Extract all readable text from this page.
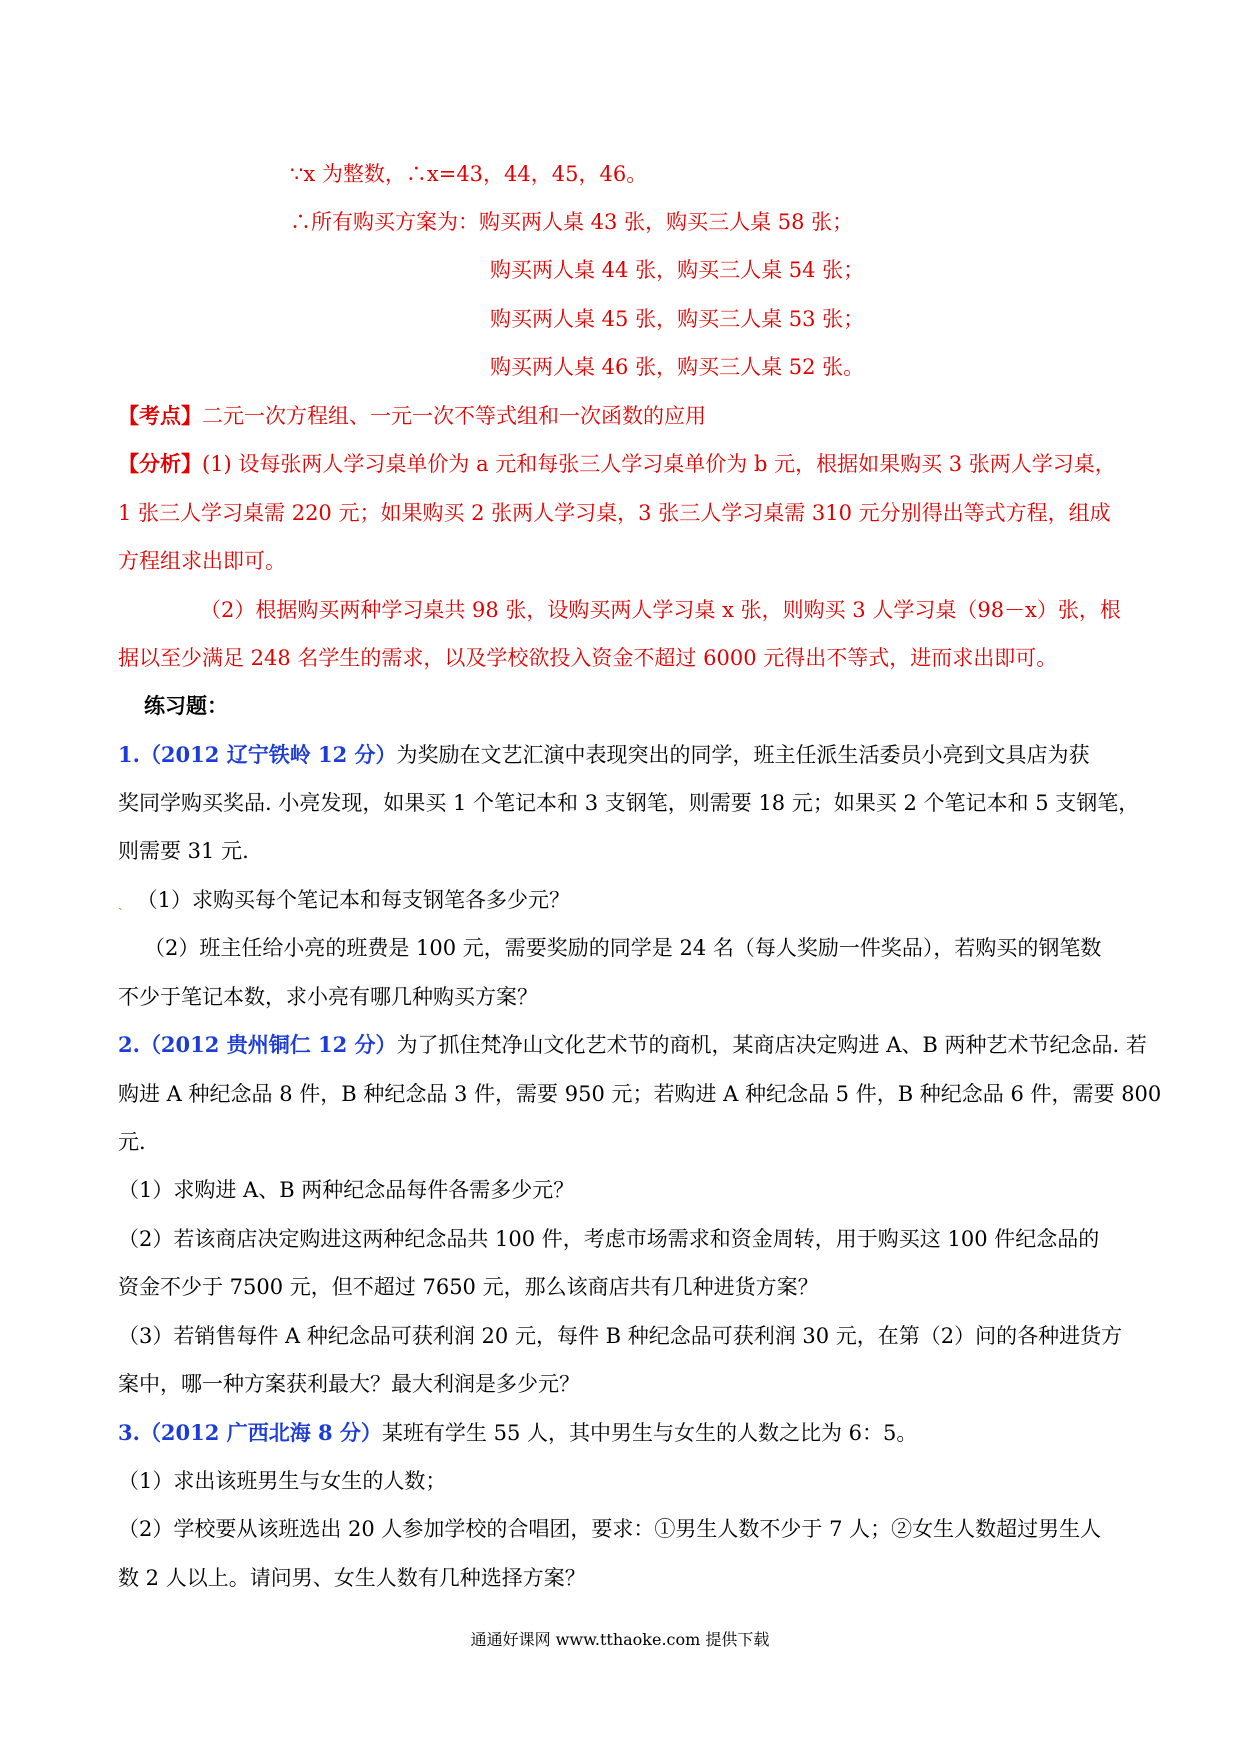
∵x 为整数，∴x=43，44，45，46。
∴所有购买方案为：购买两人桌 43 张，购买三人桌 58 张；
购买两人桌 44 张，购买三人桌 54 张；
购买两人桌 45 张，购买三人桌 53 张；
购买两人桌 46 张，购买三人桌 52 张。
【考点】二元一次方程组、一元一次不等式组和一次函数的应用
【分析】(1) 设每张两人学习桌单价为 a 元和每张三人学习桌单价为 b 元，根据如果购买 3 张两人学习桌，
1 张三人学习桌需 220 元；如果购买 2 张两人学习桌，3 张三人学习桌需 310 元分别得出等式方程，组成
方程组求出即可。
（2）根据购买两种学习桌共 98 张，设购买两人学习桌 x 张，则购买 3 人学习桌（98－x）张，根
据以至少满足 248 名学生的需求，以及学校欲投入资金不超过 6000 元得出不等式，进而求出即可。
练习题：
1.（2012 辽宁铁岭 12 分）为奖励在文艺汇演中表现突出的同学，班主任派生活委员小亮到文具店为获
奖同学购买奖品. 小亮发现，如果买 1 个笔记本和 3 支钢笔，则需要 18 元；如果买 2 个笔记本和 5 支钢笔，
则需要 31 元.
ˏ （1）求购买每个笔记本和每支钢笔各多少元？
（2）班主任给小亮的班费是 100 元，需要奖励的同学是 24 名（每人奖励一件奖品），若购买的钢笔数
不少于笔记本数，求小亮有哪几种购买方案？
2.（2012 贵州铜仁 12 分）为了抓住梵净山文化艺术节的商机，某商店决定购进 A、B 两种艺术节纪念品. 若
购进 A 种纪念品 8 件，B 种纪念品 3 件，需要 950 元；若购进 A 种纪念品 5 件，B 种纪念品 6 件，需要 800
元.
（1）求购进 A、B 两种纪念品每件各需多少元？
（2）若该商店决定购进这两种纪念品共 100 件，考虑市场需求和资金周转，用于购买这 100 件纪念品的
资金不少于 7500 元，但不超过 7650 元，那么该商店共有几种进货方案？
（3）若销售每件 A 种纪念品可获利润 20 元，每件 B 种纪念品可获利润 30 元，在第（2）问的各种进货方
案中，哪一种方案获利最大？最大利润是多少元？
3.（2012 广西北海 8 分）某班有学生 55 人，其中男生与女生的人数之比为 6：5。
（1）求出该班男生与女生的人数；
（2）学校要从该班选出 20 人参加学校的合唱团，要求：①男生人数不少于 7 人；②女生人数超过男生人
数 2 人以上。请问男、女生人数有几种选择方案？
通通好课网 www.tthaoke.com 提供下载
